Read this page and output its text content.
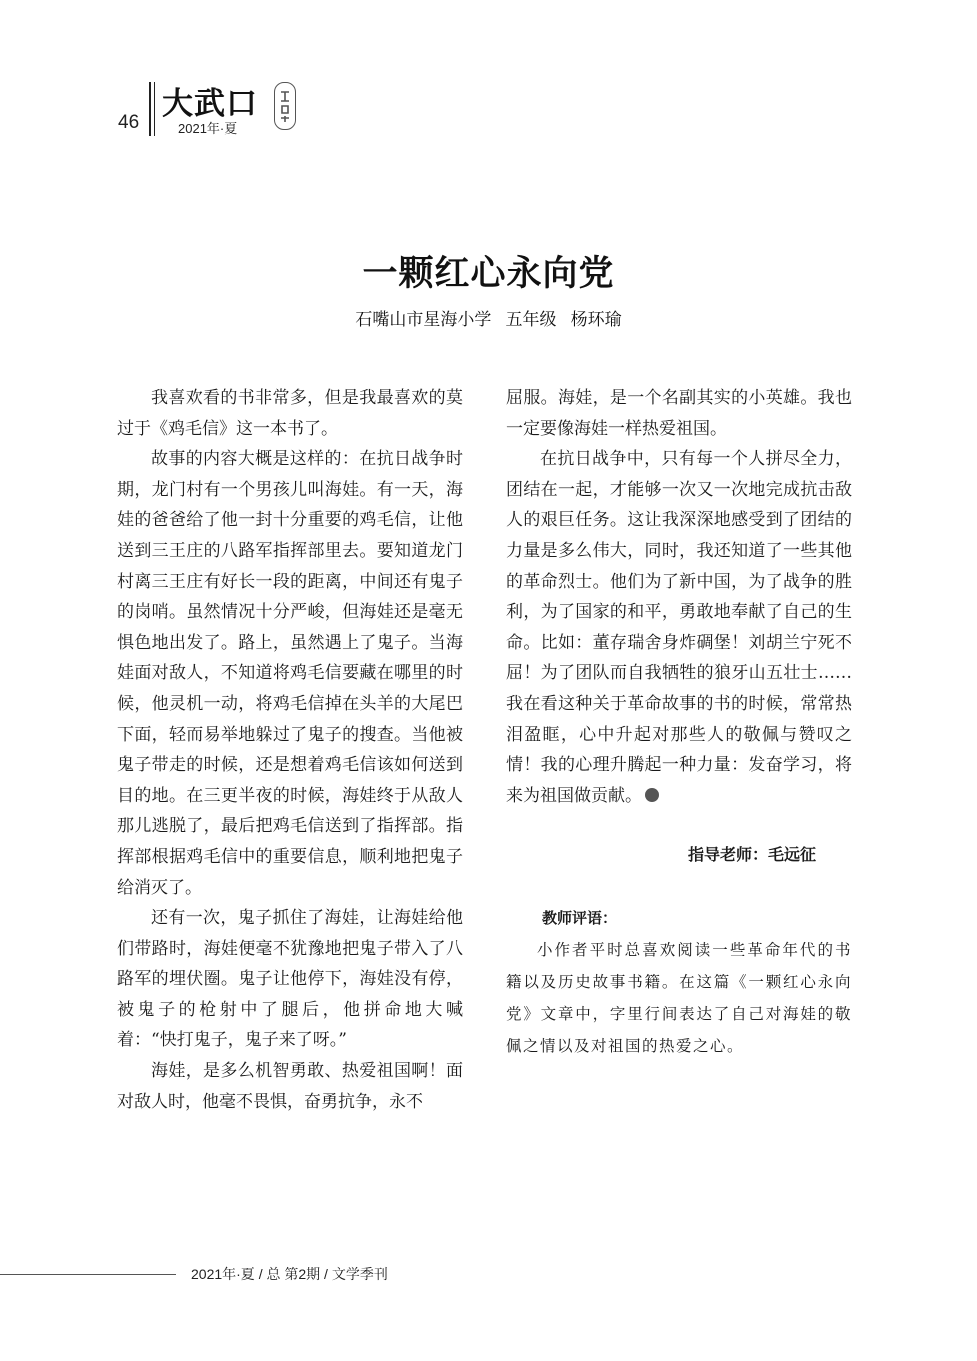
46
大武口
2021年·夏
一颗红心永向党
石嘴山市星海小学   五年级   杨环瑜

我喜欢看的书非常多，但是我最喜欢的莫过于《鸡毛信》这一本书了。

故事的内容大概是这样的：在抗日战争时期，龙门村有一个男孩儿叫海娃。有一天，海娃的爸爸给了他一封十分重要的鸡毛信，让他送到三王庄的八路军指挥部里去。要知道龙门村离三王庄有好长一段的距离，中间还有鬼子的岗哨。虽然情况十分严峻，但海娃还是毫无惧色地出发了。路上，虽然遇上了鬼子。当海娃面对敌人，不知道将鸡毛信要藏在哪里的时候，他灵机一动，将鸡毛信掉在头羊的大尾巴下面，轻而易举地躲过了鬼子的搜查。当他被鬼子带走的时候，还是想着鸡毛信该如何送到目的地。在三更半夜的时候，海娃终于从敌人那儿逃脱了，最后把鸡毛信送到了指挥部。指挥部根据鸡毛信中的重要信息，顺利地把鬼子给消灭了。

还有一次，鬼子抓住了海娃，让海娃给他们带路时，海娃便毫不犹豫地把鬼子带入了八路军的埋伏圈。鬼子让他停下，海娃没有停，被鬼子的枪射中了腿后，他拼命地大喊着：“快打鬼子，鬼子来了呀。”

海娃，是多么机智勇敢、热爱祖国啊！面对敌人时，他毫不畏惧，奋勇抗争，永不

屈服。海娃，是一个名副其实的小英雄。我也一定要像海娃一样热爱祖国。

在抗日战争中，只有每一个人拼尽全力，团结在一起，才能够一次又一次地完成抗击敌人的艰巨任务。这让我深深地感受到了团结的力量是多么伟大，同时，我还知道了一些其他的革命烈士。他们为了新中国，为了战争的胜利，为了国家的和平，勇敢地奉献了自己的生命。比如：董存瑞舍身炸碉堡！刘胡兰宁死不屈！为了团队而自我牺牲的狼牙山五壮士……我在看这种关于革命故事的书的时候，常常热泪盈眶，心中升起对那些人的敬佩与赞叹之情！我的心理升腾起一种力量：发奋学习，将来为祖国做贡献。

指导老师：毛远征
教师评语：

小作者平时总喜欢阅读一些革命年代的书籍以及历史故事书籍。在这篇《一颗红心永向党》文章中，字里行间表达了自己对海娃的敬佩之情以及对祖国的热爱之心。

2021年·夏 / 总 第2期 / 文学季刊
